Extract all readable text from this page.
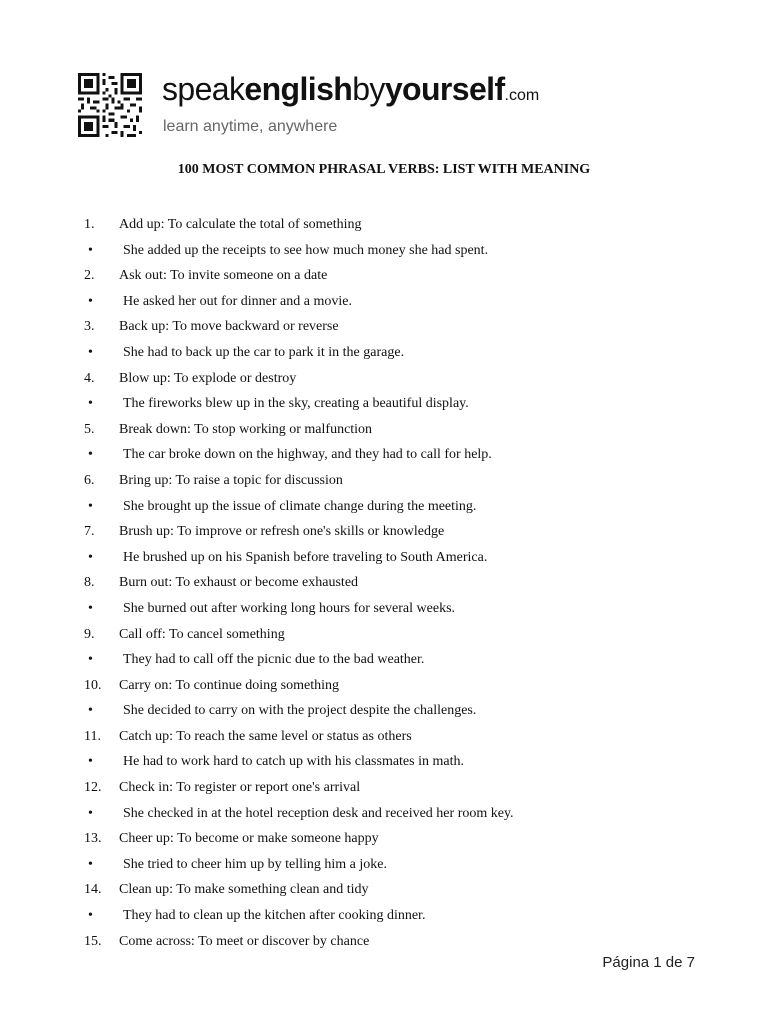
speakenglishbyyourself.com
learn anytime, anywhere
100 MOST COMMON PHRASAL VERBS: LIST WITH MEANING
1.	Add up: To calculate the total of something
•	She added up the receipts to see how much money she had spent.
2.	Ask out: To invite someone on a date
•	He asked her out for dinner and a movie.
3.	Back up: To move backward or reverse
•	She had to back up the car to park it in the garage.
4.	Blow up: To explode or destroy
•	The fireworks blew up in the sky, creating a beautiful display.
5.	Break down: To stop working or malfunction
•	The car broke down on the highway, and they had to call for help.
6.	Bring up: To raise a topic for discussion
•	She brought up the issue of climate change during the meeting.
7.	Brush up: To improve or refresh one's skills or knowledge
•	He brushed up on his Spanish before traveling to South America.
8.	Burn out: To exhaust or become exhausted
•	She burned out after working long hours for several weeks.
9.	Call off: To cancel something
•	They had to call off the picnic due to the bad weather.
10.	Carry on: To continue doing something
•	She decided to carry on with the project despite the challenges.
11.	Catch up: To reach the same level or status as others
•	He had to work hard to catch up with his classmates in math.
12.	Check in: To register or report one's arrival
•	She checked in at the hotel reception desk and received her room key.
13.	Cheer up: To become or make someone happy
•	She tried to cheer him up by telling him a joke.
14.	Clean up: To make something clean and tidy
•	They had to clean up the kitchen after cooking dinner.
15.	Come across: To meet or discover by chance
Página 1 de 7
